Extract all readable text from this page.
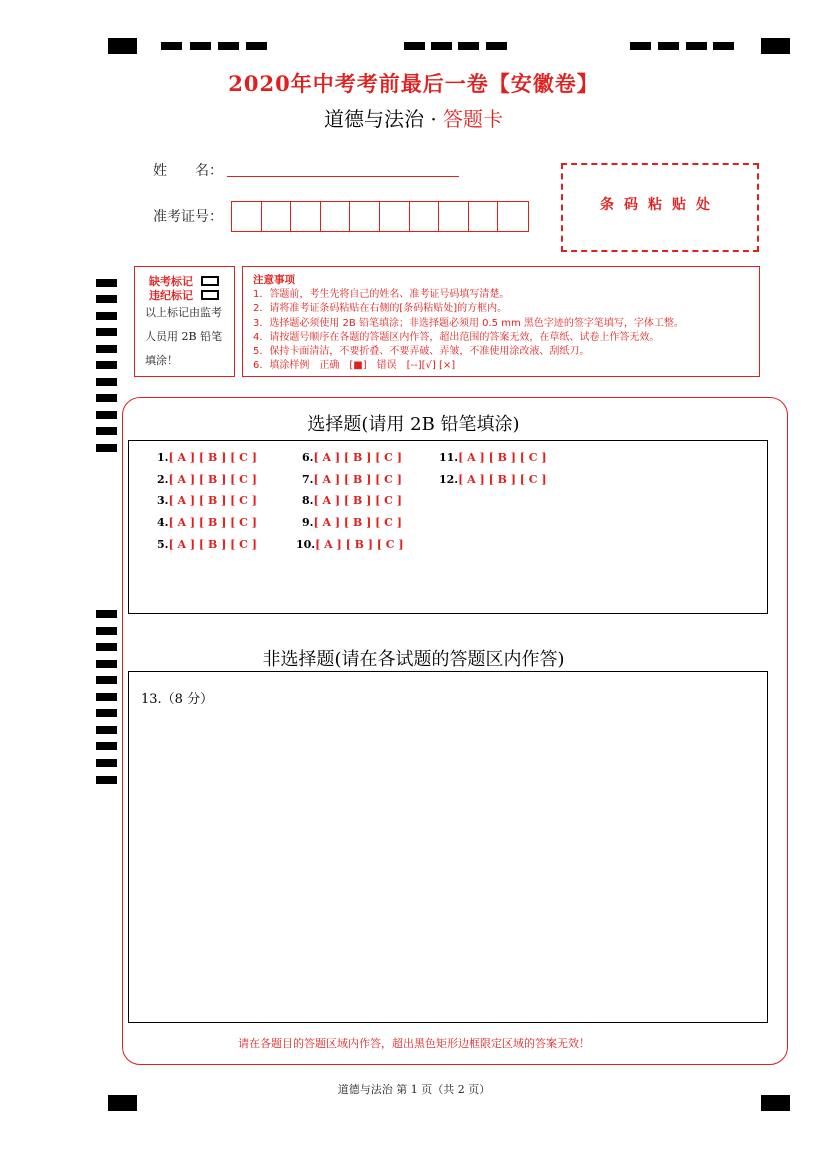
2020年中考考前最后一卷【安徽卷】
道德与法治 · 答题卡
姓　　名：
准考证号：
条码粘贴处
缺考标记
违纪标记
以上标记由监考人员用 2B 铅笔填涂！
注意事项
1．答题前，考生先将自己的姓名、准考证号码填写清楚。
2．请将准考证条码粘贴在右侧的[条码粘贴处]的方框内。
3．选择题必须使用 2B 铅笔填涂；非选择题必须用 0.5 mm 黑色字迹的签字笔填写，字体工整。
4．请按题号顺序在各题的答题区内作答，超出范围的答案无效，在草纸、试卷上作答无效。
5．保持卡面清洁，不要折叠、不要弄破、弄皱，不准使用涂改液、刮纸刀。
6．填涂样例　正确　[■]　错误　[--][√] [×]
选择题(请用 2B 铅笔填涂)
1.[ A ] [ B ] [ C ]
2.[ A ] [ B ] [ C ]
3.[ A ] [ B ] [ C ]
4.[ A ] [ B ] [ C ]
5.[ A ] [ B ] [ C ]
6.[ A ] [ B ] [ C ]
7.[ A ] [ B ] [ C ]
8.[ A ] [ B ] [ C ]
9.[ A ] [ B ] [ C ]
10.[ A ] [ B ] [ C ]
11.[ A ] [ B ] [ C ]
12.[ A ] [ B ] [ C ]
非选择题(请在各试题的答题区内作答)
13.（8 分）
请在各题目的答题区域内作答，超出黑色矩形边框限定区域的答案无效！
道德与法治 第 1 页（共 2 页）
